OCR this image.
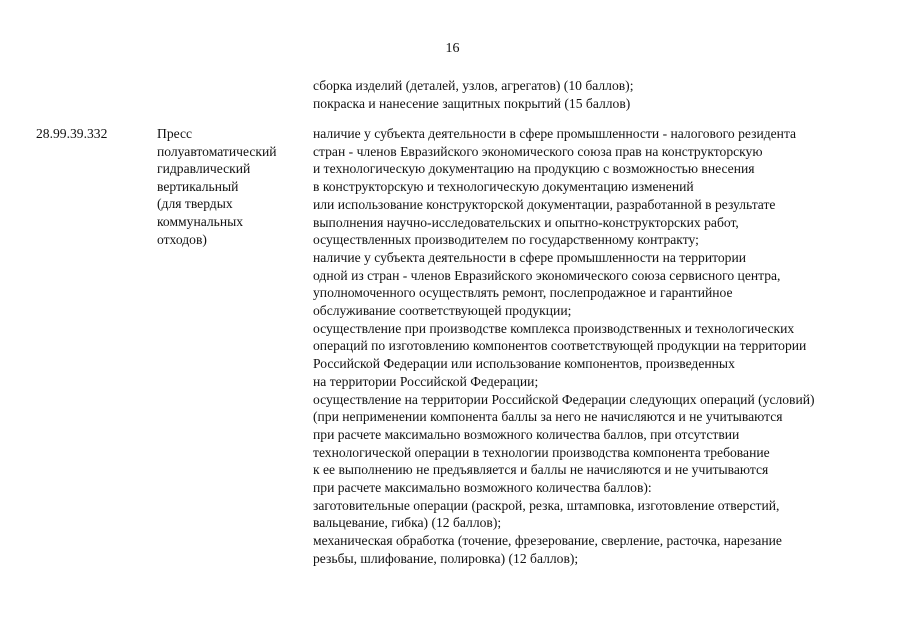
16
сборка изделий (деталей, узлов, агрегатов) (10 баллов);
покраска и нанесение защитных покрытий (15 баллов)
28.99.39.332	Пресс
полуавтоматический
гидравлический
вертикальный
(для твердых
коммунальных
отходов)
наличие у субъекта деятельности в сфере промышленности - налогового резидента
стран - членов Евразийского экономического союза прав на конструкторскую
и технологическую документацию на продукцию с возможностью внесения
в конструкторскую и технологическую документацию изменений
или использование конструкторской документации, разработанной в результате
выполнения научно-исследовательских и опытно-конструкторских работ,
осуществленных производителем по государственному контракту;
наличие у субъекта деятельности в сфере промышленности на территории
одной из стран - членов Евразийского экономического союза сервисного центра,
уполномоченного осуществлять ремонт, послепродажное и гарантийное
обслуживание соответствующей продукции;
осуществление при производстве комплекса производственных и технологических
операций по изготовлению компонентов соответствующей продукции на территории
Российской Федерации или использование компонентов, произведенных
на территории Российской Федерации;
осуществление на территории Российской Федерации следующих операций (условий)
(при неприменении компонента баллы за него не начисляются и не учитываются
при расчете максимально возможного количества баллов, при отсутствии
технологической операции в технологии производства компонента требование
к ее выполнению не предъявляется и баллы не начисляются и не учитываются
при расчете максимально возможного количества баллов):
заготовительные операции (раскрой, резка, штамповка, изготовление отверстий,
вальцевание, гибка) (12 баллов);
механическая обработка (точение, фрезерование, сверление, расточка, нарезание
резьбы, шлифование, полировка) (12 баллов);
